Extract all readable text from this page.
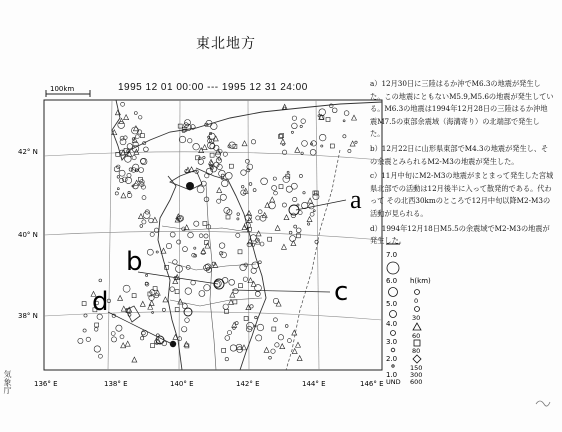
東北地方
1995 12 01 00:00 --- 1995 12 31 24:00	a）12月30日に三陸はるか沖でM6.3の地震が発生した。この地震にともないM5.9,M5.6の地震が発生している。M6.3の地震は1994年12月28日の三陸はるか沖地震M7.5の東部余震域（海溝寄り）の北端部で発生した。

b）12月22日に山形県東部でM4.3の地震が発生し、その余震とみられるM2-M3の地震が発生した。

c）11月中旬にM2-M3の地震がまとまって発生した宮城県北部での活動は12月後半に入って散発的である。代わって その北西30kmのところで12月中旬以降M2-M3の活動が見られる。

d）1994年12月18日M5.5の余震域でM2-M3の地震が発生した。

100km
42° N
40° N
38° N
136° E	138° E	140° E	142° E	144° E	146° E
a
b
c
d
7.0
6.0
5.0
4.0
3.0
2.0
1.0
h(km)
0
30
60
80
150
300
600
UND
気象庁
